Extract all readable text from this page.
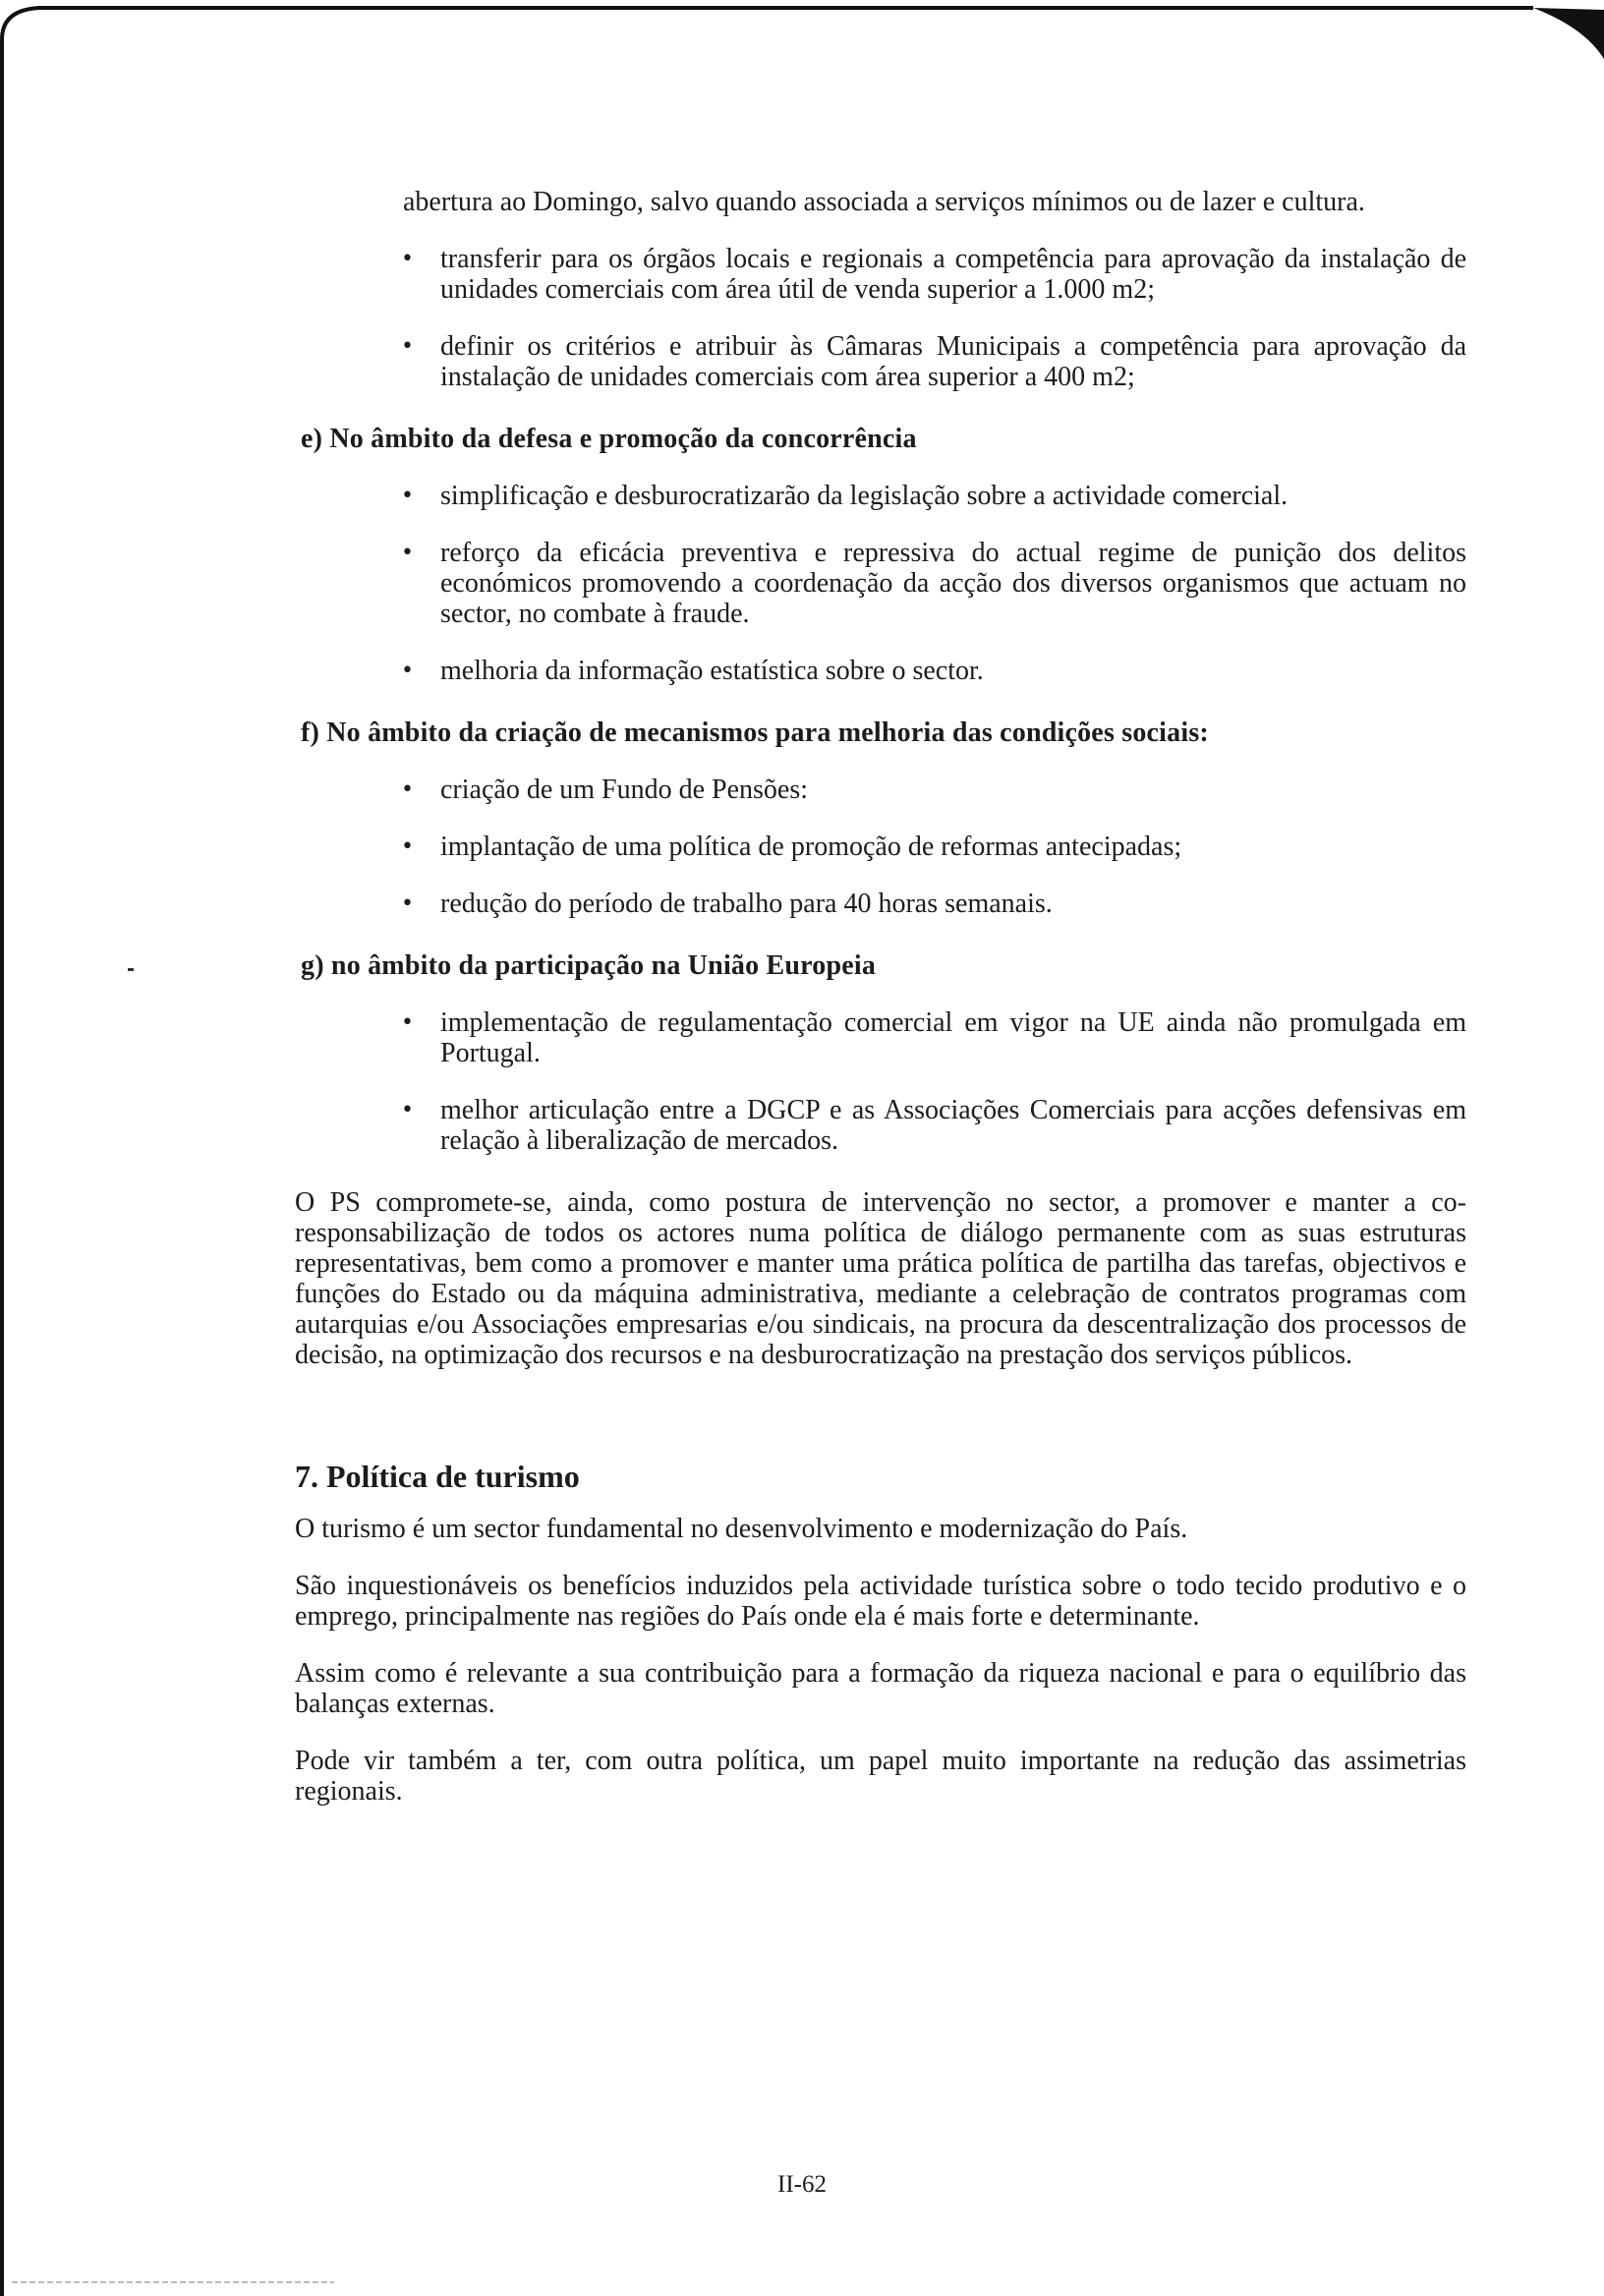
abertura ao Domingo, salvo quando associada a serviços mínimos ou de lazer e cultura.
• transferir para os órgãos locais e regionais a competência para aprovação da instalação de unidades comerciais com área útil de venda superior a 1.000 m2;
• definir os critérios e atribuir às Câmaras Municipais a competência para aprovação da instalação de unidades comerciais com área superior a 400 m2;
e) No âmbito da defesa e promoção da concorrência
• simplificação e desburocratizarão da legislação sobre a actividade comercial.
• reforço da eficácia preventiva e repressiva do actual regime de punição dos delitos económicos promovendo a coordenação da acção dos diversos organismos que actuam no sector, no combate à fraude.
• melhoria da informação estatística sobre o sector.
f) No âmbito da criação de mecanismos para melhoria das condições sociais:
• criação de um Fundo de Pensões:
• implantação de uma política de promoção de reformas antecipadas;
• redução do período de trabalho para 40 horas semanais.
g) no âmbito da participação na União Europeia
• implementação de regulamentação comercial em vigor na UE ainda não promulgada em Portugal.
• melhor articulação entre a DGCP e as Associações Comerciais para acções defensivas em relação à liberalização de mercados.
O PS compromete-se, ainda, como postura de intervenção no sector, a promover e manter a co-responsabilização de todos os actores numa política de diálogo permanente com as suas estruturas representativas, bem como a promover e manter uma prática política de partilha das tarefas, objectivos e funções do Estado ou da máquina administrativa, mediante a celebração de contratos programas com autarquias e/ou Associações empresarias e/ou sindicais, na procura da descentralização dos processos de decisão, na optimização dos recursos e na desburocratização na prestação dos serviços públicos.
7. Política de turismo
O turismo é um sector fundamental no desenvolvimento e modernização do País.
São inquestionáveis os benefícios induzidos pela actividade turística sobre o todo tecido produtivo e o emprego, principalmente nas regiões do País onde ela é mais forte e determinante.
Assim como é relevante a sua contribuição para a formação da riqueza nacional e para o equilíbrio das balanças externas.
Pode vir também a ter, com outra política, um papel muito importante na redução das assimetrias regionais.
II-62
